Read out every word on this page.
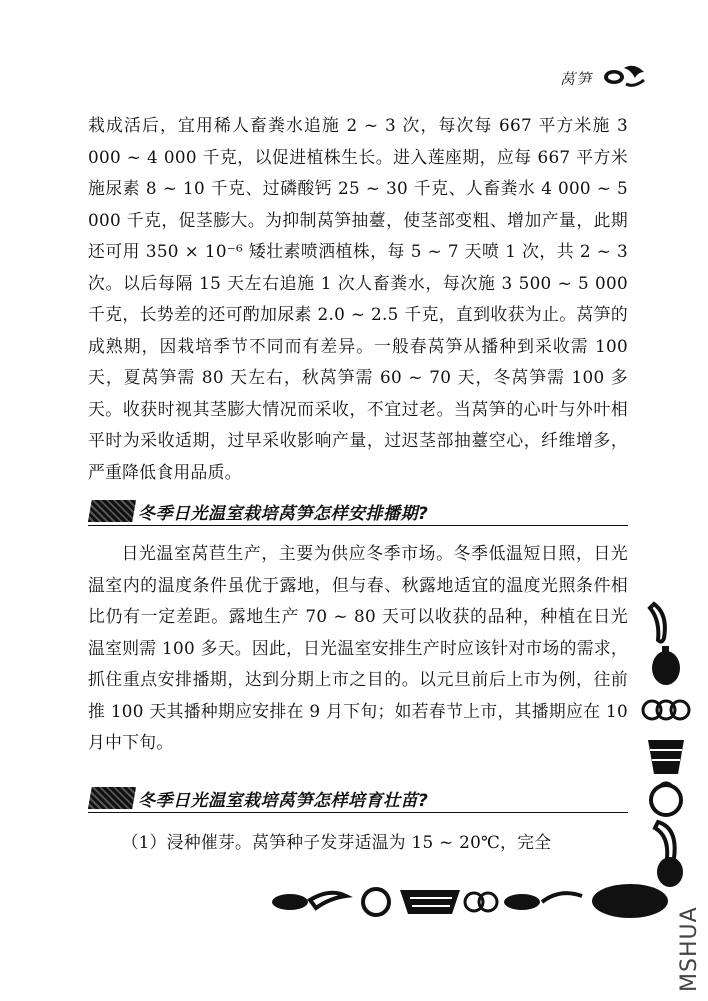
莴笋
栽成活后，宜用稀人畜粪水追施 2 ~ 3 次，每次每 667 平方米施 3 000 ~ 4 000 千克，以促进植株生长。进入莲座期，应每 667 平方米施尿素 8 ~ 10 千克、过磷酸钙 25 ~ 30 千克、人畜粪水 4 000 ~ 5 000 千克，促茎膨大。为抑制莴笋抽薹，使茎部变粗、增加产量，此期还可用 350 × 10⁻⁶ 矮壮素喷洒植株，每 5 ~ 7 天喷 1 次，共 2 ~ 3 次。以后每隔 15 天左右追施 1 次人畜粪水，每次施 3 500 ~ 5 000 千克，长势差的还可酌加尿素 2.0 ~ 2.5 千克，直到收获为止。莴笋的成熟期，因栽培季节不同而有差异。一般春莴笋从播种到采收需 100 天，夏莴笋需 80 天左右，秋莴笋需 60 ~ 70 天，冬莴笋需 100 多天。收获时视其茎膨大情况而采收，不宜过老。当莴笋的心叶与外叶相平时为采收适期，过早采收影响产量，过迟茎部抽薹空心，纤维增多，严重降低食用品质。
冬季日光温室栽培莴笋怎样安排播期?
日光温室莴苣生产，主要为供应冬季市场。冬季低温短日照，日光温室内的温度条件虽优于露地，但与春、秋露地适宜的温度光照条件相比仍有一定差距。露地生产 70 ~ 80 天可以收获的品种，种植在日光温室则需 100 多天。因此，日光温室安排生产时应该针对市场的需求，抓住重点安排播期，达到分期上市之目的。以元旦前后上市为例，往前推 100 天其播种期应安排在 9 月下旬；如若春节上市，其播期应在 10 月中下旬。
冬季日光温室栽培莴笋怎样培育壮苗?
（1）浸种催芽。莴笋种子发芽适温为 15 ~ 20℃，完全
MSHUA
